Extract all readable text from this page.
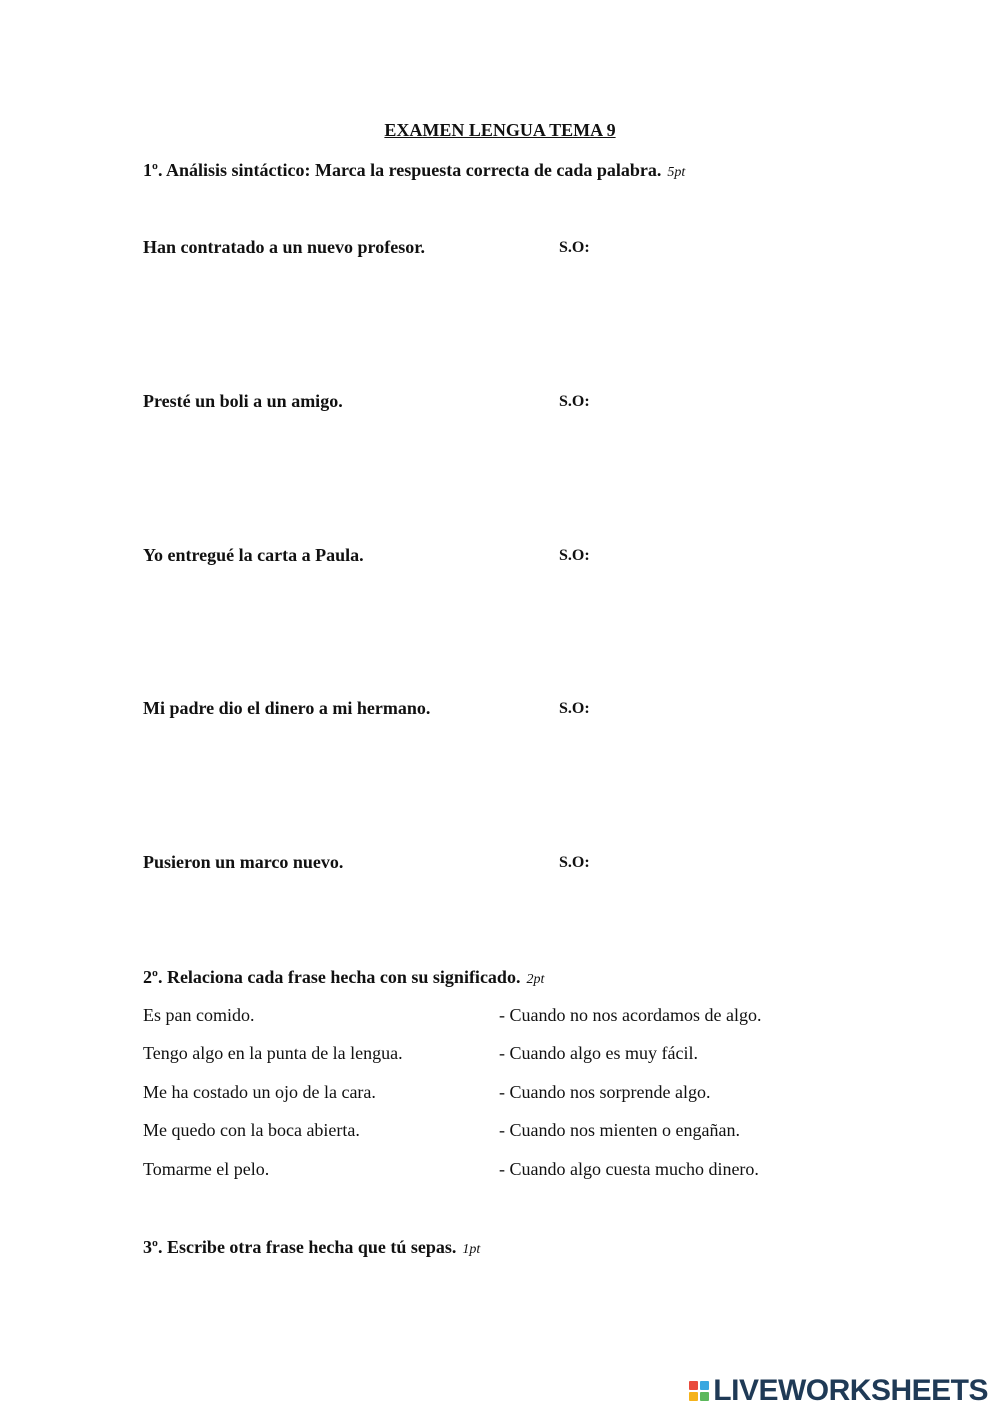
EXAMEN LENGUA TEMA 9
1º. Análisis sintáctico: Marca la respuesta correcta de cada palabra. 5pt
Han contratado a un nuevo profesor.	S.O:
Presté un boli a un amigo.	S.O:
Yo entregué la carta a Paula.	S.O:
Mi padre dio el dinero a mi hermano.	S.O:
Pusieron un marco nuevo.	S.O:
2º. Relaciona cada frase hecha con su significado. 2pt
Es pan comido.	- Cuando no nos acordamos de algo.
Tengo algo en la punta de la lengua.	- Cuando algo es muy fácil.
Me ha costado un ojo de la cara.	- Cuando nos sorprende algo.
Me quedo con la boca abierta.	- Cuando nos mienten o engañan.
Tomarme el pelo.	- Cuando algo cuesta mucho dinero.
3º. Escribe otra frase hecha que tú sepas. 1pt
LIVEWORKSHEETS
